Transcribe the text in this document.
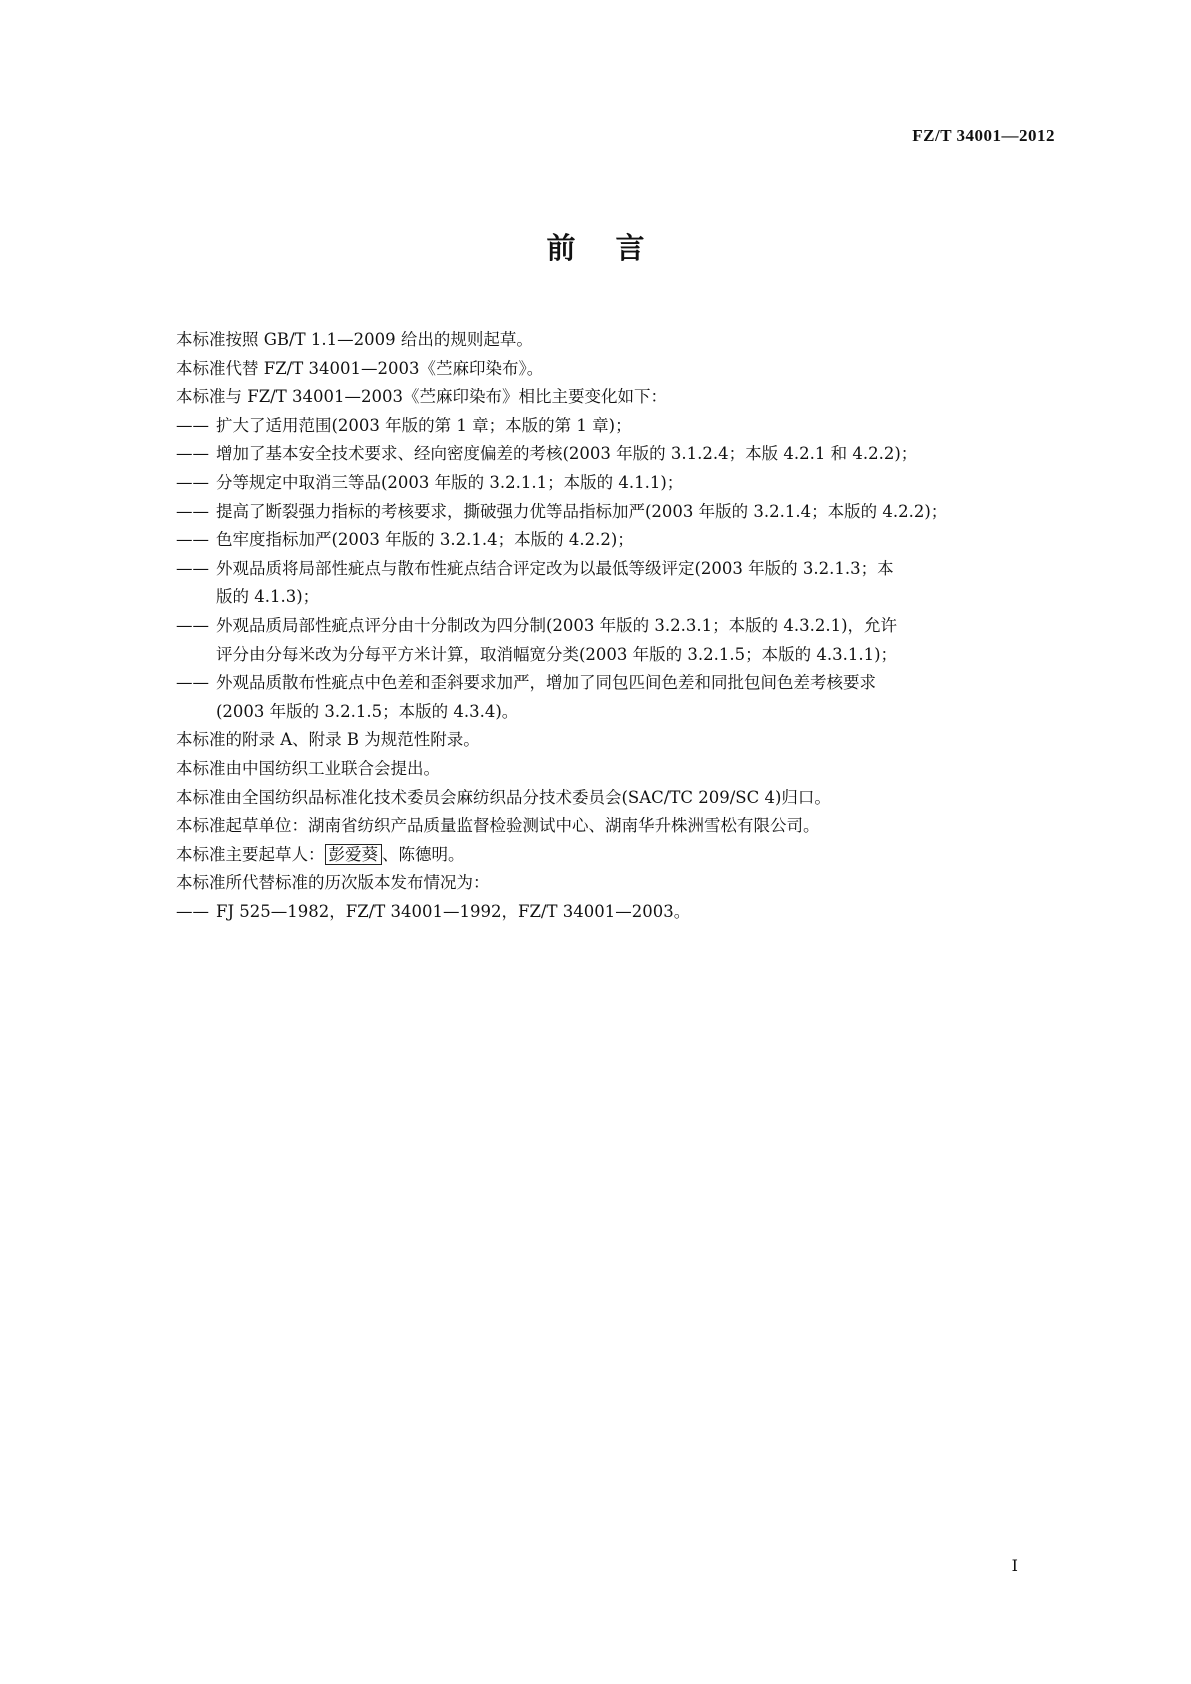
FZ/T 34001—2012
前言
本标准按照 GB/T 1.1—2009 给出的规则起草。
本标准代替 FZ/T 34001—2003《苎麻印染布》。
本标准与 FZ/T 34001—2003《苎麻印染布》相比主要变化如下：
—— 扩大了适用范围(2003 年版的第 1 章；本版的第 1 章)；
—— 增加了基本安全技术要求、经向密度偏差的考核(2003 年版的 3.1.2.4；本版 4.2.1 和 4.2.2)；
—— 分等规定中取消三等品(2003 年版的 3.2.1.1；本版的 4.1.1)；
—— 提高了断裂强力指标的考核要求，撕破强力优等品指标加严(2003 年版的 3.2.1.4；本版的 4.2.2)；
—— 色牢度指标加严(2003 年版的 3.2.1.4；本版的 4.2.2)；
—— 外观品质将局部性疵点与散布性疵点结合评定改为以最低等级评定(2003 年版的 3.2.1.3；本
版的 4.1.3)；
—— 外观品质局部性疵点评分由十分制改为四分制(2003 年版的 3.2.3.1；本版的 4.3.2.1)，允许
评分由分每米改为分每平方米计算，取消幅宽分类(2003 年版的 3.2.1.5；本版的 4.3.1.1)；
—— 外观品质散布性疵点中色差和歪斜要求加严，增加了同包匹间色差和同批包间色差考核要求
(2003 年版的 3.2.1.5；本版的 4.3.4)。
本标准的附录 A、附录 B 为规范性附录。
本标准由中国纺织工业联合会提出。
本标准由全国纺织品标准化技术委员会麻纺织品分技术委员会(SAC/TC 209/SC 4)归口。
本标准起草单位：湖南省纺织产品质量监督检验测试中心、湖南华升株洲雪松有限公司。
本标准主要起草人： 彭爱葵 、陈德明。
本标准所代替标准的历次版本发布情况为：
—— FJ 525—1982，FZ/T 34001—1992，FZ/T 34001—2003。
I
